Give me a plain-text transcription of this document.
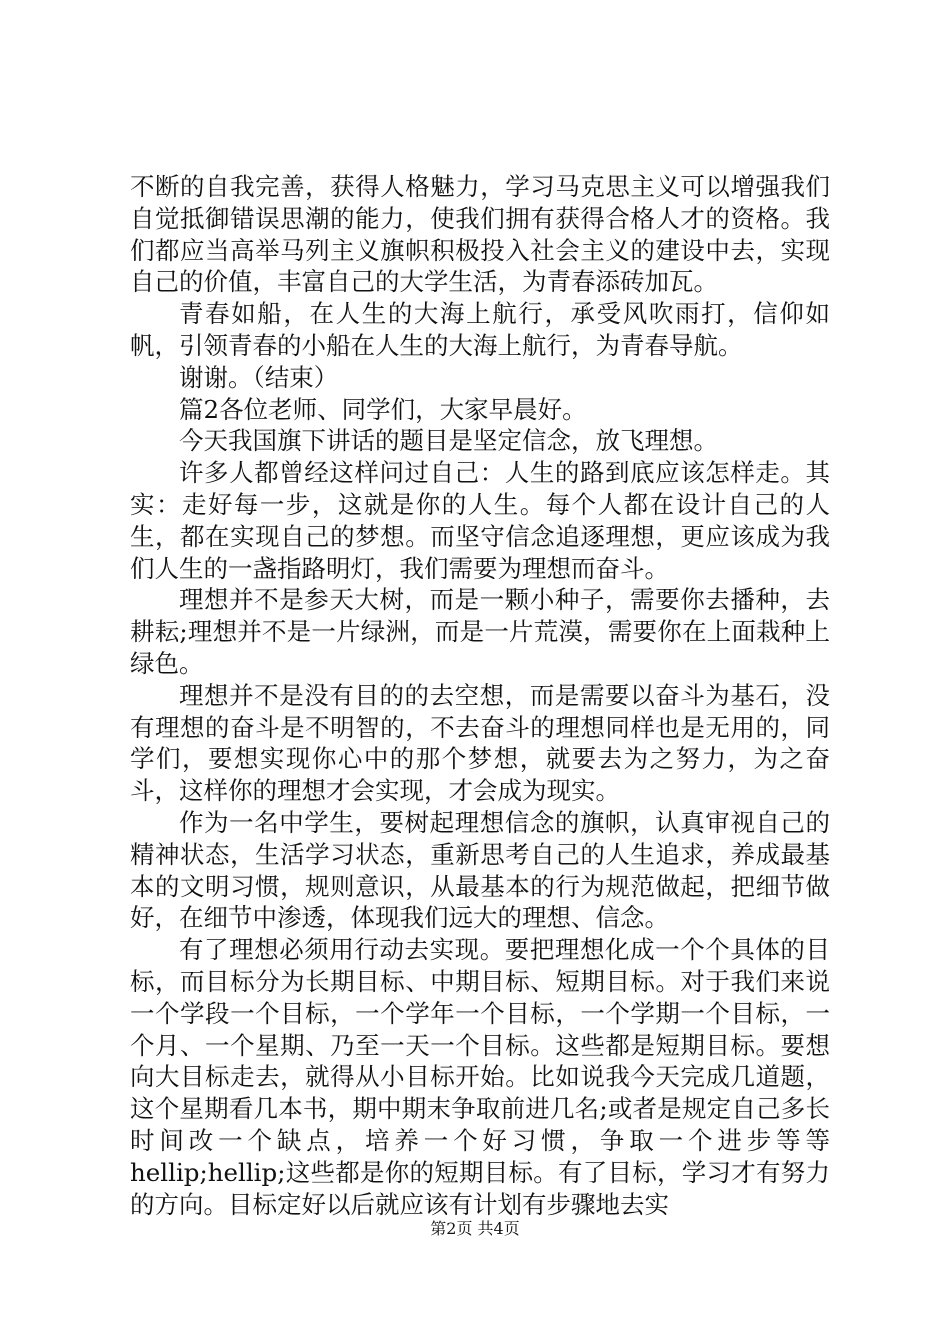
不断的自我完善，获得人格魅力，学习马克思主义可以增强我们自觉抵御错误思潮的能力，使我们拥有获得合格人才的资格。我们都应当高举马列主义旗帜积极投入社会主义的建设中去，实现自己的价值，丰富自己的大学生活，为青春添砖加瓦。

青春如船，在人生的大海上航行，承受风吹雨打，信仰如帆，引领青春的小船在人生的大海上航行，为青春导航。

谢谢。（结束）

篇2各位老师、同学们，大家早晨好。

今天我国旗下讲话的题目是坚定信念，放飞理想。

许多人都曾经这样问过自己：人生的路到底应该怎样走。其实：走好每一步，这就是你的人生。每个人都在设计自己的人生，都在实现自己的梦想。而坚守信念追逐理想，更应该成为我们人生的一盏指路明灯，我们需要为理想而奋斗。

理想并不是参天大树，而是一颗小种子，需要你去播种，去耕耘;理想并不是一片绿洲，而是一片荒漠，需要你在上面栽种上绿色。

理想并不是没有目的的去空想，而是需要以奋斗为基石，没有理想的奋斗是不明智的，不去奋斗的理想同样也是无用的，同学们，要想实现你心中的那个梦想，就要去为之努力，为之奋斗，这样你的理想才会实现，才会成为现实。

作为一名中学生，要树起理想信念的旗帜，认真审视自己的精神状态，生活学习状态，重新思考自己的人生追求，养成最基本的文明习惯，规则意识，从最基本的行为规范做起，把细节做好，在细节中渗透，体现我们远大的理想、信念。

有了理想必须用行动去实现。要把理想化成一个个具体的目标，而目标分为长期目标、中期目标、短期目标。对于我们来说一个学段一个目标，一个学年一个目标，一个学期一个目标，一个月、一个星期、乃至一天一个目标。这些都是短期目标。要想向大目标走去，就得从小目标开始。比如说我今天完成几道题，这个星期看几本书，期中期末争取前进几名;或者是规定自己多长时间改一个缺点，培养一个好习惯，争取一个进步等等hellip;hellip;这些都是你的短期目标。有了目标，学习才有努力的方向。目标定好以后就应该有计划有步骤地去实

第2页 共4页
